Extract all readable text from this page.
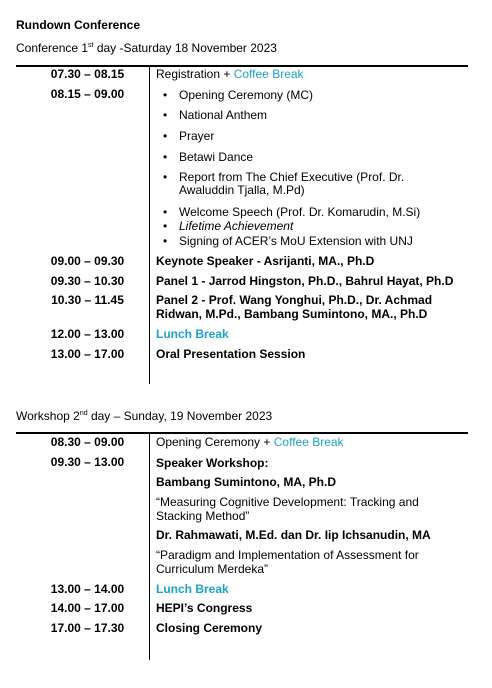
Rundown Conference
Conference 1st day -Saturday 18 November 2023
07.30 – 08.15	Registration + Coffee Break
08.15 – 09.00	Opening Ceremony (MC)
National Anthem
Prayer
Betawi Dance
Report from The Chief Executive (Prof. Dr.
Awaluddin Tjalla, M.Pd)
Welcome Speech (Prof. Dr. Komarudin, M.Si)
Lifetime Achievement
Signing of ACER’s MoU Extension with UNJ
09.00 – 09.30	Keynote Speaker - Asrijanti, MA., Ph.D
09.30 – 10.30	Panel 1 - Jarrod Hingston, Ph.D., Bahrul Hayat, Ph.D
10.30 – 11.45	Panel 2 - Prof. Wang Yonghui, Ph.D., Dr. Achmad
Ridwan, M.Pd., Bambang Sumintono, MA., Ph.D
12.00 – 13.00	Lunch Break
13.00 – 17.00	Oral Presentation Session
Workshop 2nd day – Sunday, 19 November 2023
08.30 – 09.00	Opening Ceremony + Coffee Break
09.30 – 13.00	Speaker Workshop:
Bambang Sumintono, MA, Ph.D
“Measuring Cognitive Development: Tracking and
Stacking Method”
Dr. Rahmawati, M.Ed. dan Dr. Iip Ichsanudin, MA
“Paradigm and Implementation of Assessment for
Curriculum Merdeka”
13.00 – 14.00	Lunch Break
14.00 – 17.00	HEPI’s Congress
17.00 – 17.30	Closing Ceremony
